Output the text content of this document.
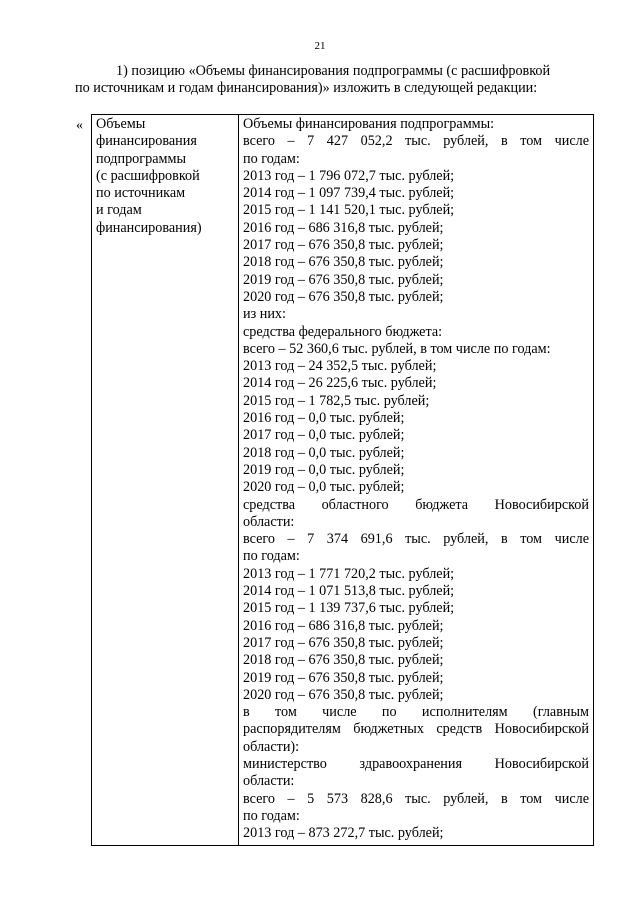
21
1) позицию «Объемы финансирования подпрограммы (с расшифровкой
по источникам и годам финансирования)» изложить в следующей редакции:
« Объемы
финансирования
подпрограммы
(с расшифровкой
по источникам
и годам
финансирования)

Объемы финансирования подпрограммы:
всего – 7 427 052,2 тыс. рублей, в том числе
по годам:
2013 год – 1 796 072,7 тыс. рублей;
2014 год – 1 097 739,4 тыс. рублей;
2015 год – 1 141 520,1 тыс. рублей;
2016 год – 686 316,8 тыс. рублей;
2017 год – 676 350,8 тыс. рублей;
2018 год – 676 350,8 тыс. рублей;
2019 год – 676 350,8 тыс. рублей;
2020 год – 676 350,8 тыс. рублей;
из них:
средства федерального бюджета:
всего – 52 360,6 тыс. рублей, в том числе по годам:
2013 год – 24 352,5 тыс. рублей;
2014 год – 26 225,6 тыс. рублей;
2015 год – 1 782,5 тыс. рублей;
2016 год – 0,0 тыс. рублей;
2017 год – 0,0 тыс. рублей;
2018 год – 0,0 тыс. рублей;
2019 год – 0,0 тыс. рублей;
2020 год – 0,0 тыс. рублей;
средства областного бюджета Новосибирской
области:
всего – 7 374 691,6 тыс. рублей, в том числе
по годам:
2013 год – 1 771 720,2 тыс. рублей;
2014 год – 1 071 513,8 тыс. рублей;
2015 год – 1 139 737,6 тыс. рублей;
2016 год – 686 316,8 тыс. рублей;
2017 год – 676 350,8 тыс. рублей;
2018 год – 676 350,8 тыс. рублей;
2019 год – 676 350,8 тыс. рублей;
2020 год – 676 350,8 тыс. рублей;
в том числе по исполнителям (главным
распорядителям бюджетных средств Новосибирской
области):
министерство здравоохранения Новосибирской
области:
всего – 5 573 828,6 тыс. рублей, в том числе
по годам:
2013 год – 873 272,7 тыс. рублей;
